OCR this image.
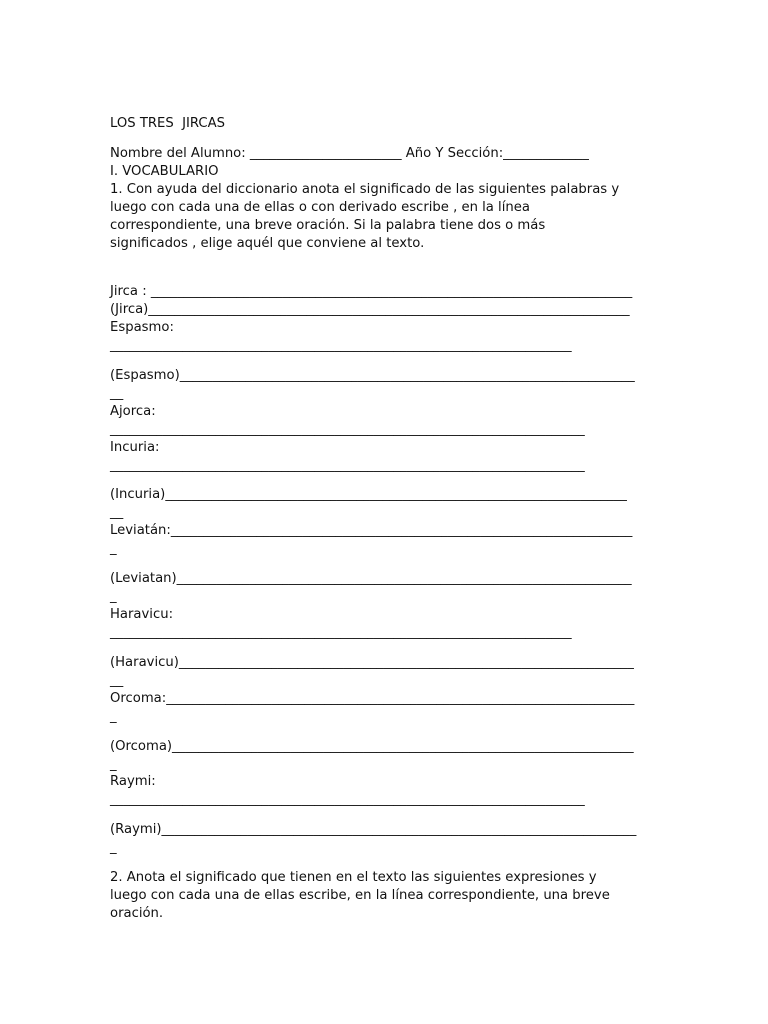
LOS TRES  JIRCAS

Nombre del Alumno: _______________________ Año Y Sección:_____________

I. VOCABULARIO

1. Con ayuda del diccionario anota el significado de las siguientes palabras y

luego con cada una de ellas o con derivado escribe , en la línea

correspondiente, una breve oración. Si la palabra tiene dos o más

significados , elige aquél que conviene al texto.

Jirca : _________________________________________________________________________

(Jirca)_________________________________________________________________________

Espasmo:

______________________________________________________________________

(Espasmo)_____________________________________________________________________

__

Ajorca:

________________________________________________________________________

Incuria:

________________________________________________________________________

(Incuria)______________________________________________________________________

__

Leviatán:______________________________________________________________________

_

(Leviatan)_____________________________________________________________________

_

Haravicu:

______________________________________________________________________

(Haravicu)_____________________________________________________________________

__

Orcoma:_______________________________________________________________________

_

(Orcoma)______________________________________________________________________

_

Raymi:

________________________________________________________________________

(Raymi)________________________________________________________________________

_

2. Anota el significado que tienen en el texto las siguientes expresiones y

luego con cada una de ellas escribe, en la línea correspondiente, una breve

oración.
